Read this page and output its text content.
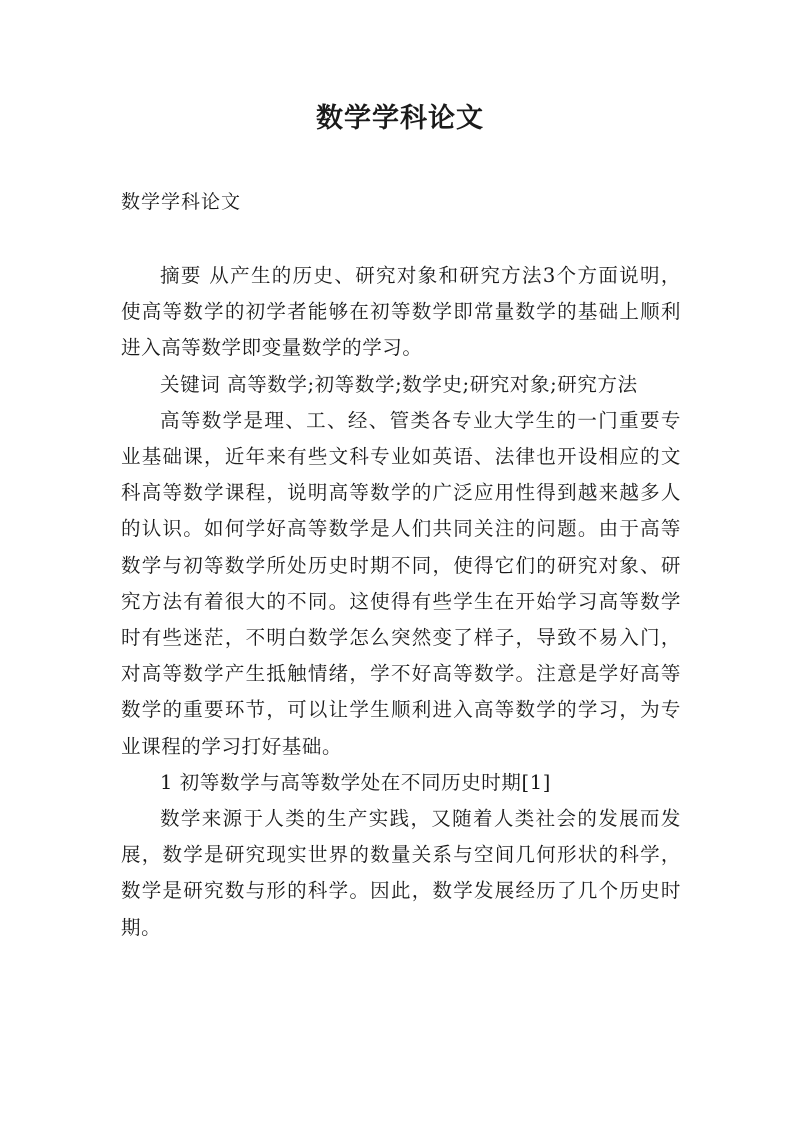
数学学科论文
数学学科论文

摘要 从产生的历史、研究对象和研究方法3个方面说明，使高等数学的初学者能够在初等数学即常量数学的基础上顺利进入高等数学即变量数学的学习。

关键词 高等数学;初等数学;数学史;研究对象;研究方法

高等数学是理、工、经、管类各专业大学生的一门重要专业基础课，近年来有些文科专业如英语、法律也开设相应的文科高等数学课程，说明高等数学的广泛应用性得到越来越多人的认识。如何学好高等数学是人们共同关注的问题。由于高等数学与初等数学所处历史时期不同，使得它们的研究对象、研究方法有着很大的不同。这使得有些学生在开始学习高等数学时有些迷茫，不明白数学怎么突然变了样子，导致不易入门，对高等数学产生抵触情绪，学不好高等数学。注意是学好高等数学的重要环节，可以让学生顺利进入高等数学的学习，为专业课程的学习打好基础。

1 初等数学与高等数学处在不同历史时期[1]

数学来源于人类的生产实践，又随着人类社会的发展而发展，数学是研究现实世界的数量关系与空间几何形状的科学，数学是研究数与形的科学。因此，数学发展经历了几个历史时期。
